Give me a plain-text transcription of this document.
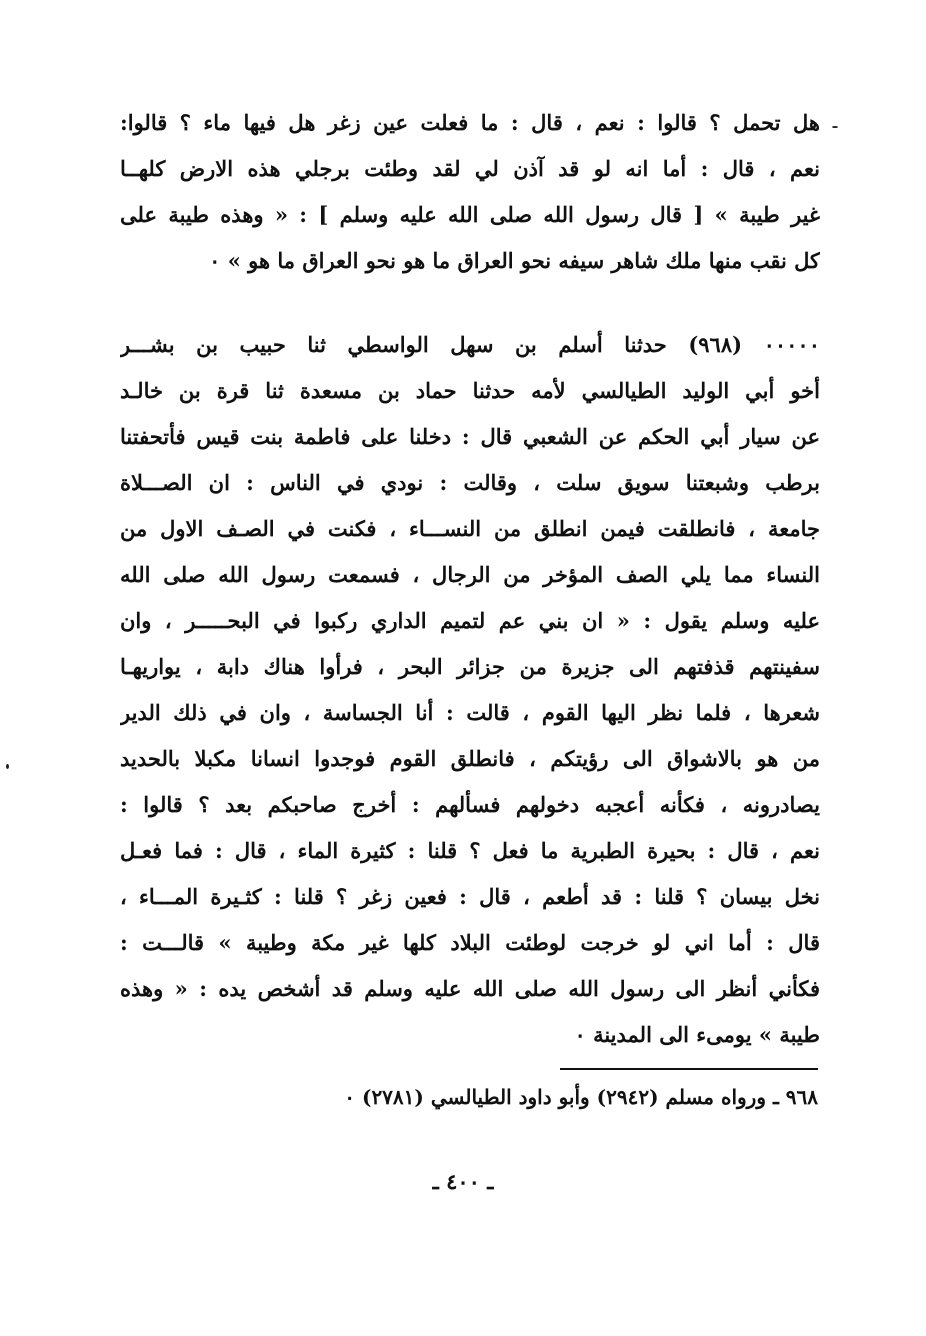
هل تحمل ؟ قالوا : نعم ، قال : ما فعلت عين زغر هل فيها ماء ؟ قالوا:
نعم ، قال : أما انه لو قد آذن لي لقد وطئت برجلي هذه الارض كلهــا
غير طيبة » [ قال رسول الله صلى الله عليه وسلم ] : « وهذه طيبة على
كل نقب منها ملك شاهر سيفه نحو العراق ما هو نحو العراق ما هو » ٠
٠٠٠٠٠ (٩٦٨) حدثنا أسلم بن سهل الواسطي ثنا حبيب بن بشـــر
أخو أبي الوليد الطيالسي لأمه حدثنا حماد بن مسعدة ثنا قرة بن خالـد
عن سيار أبي الحكم عن الشعبي قال : دخلنا على فاطمة بنت قيس فأتحفتنا
برطب وشبعتنا سويق سلت ، وقالت : نودي في الناس : ان الصـــلاة
جامعة ، فانطلقت فيمن انطلق من النســـاء ، فكنت في الصـف الاول من
النساء مما يلي الصف المؤخر من الرجال ، فسمعت رسول الله صلى الله
عليه وسلم يقول : « ان بني عم لتميم الداري ركبوا في البحـــــر ، وان
سفينتهم قذفتهم الى جزيرة من جزائر البحر ، فرأوا هناك دابة ، يواريهـا
شعرها ، فلما نظر اليها القوم ، قالت : أنا الجساسة ، وان في ذلك الدير
من هو بالاشواق الى رؤيتكم ، فانطلق القوم فوجدوا انسانا مكبلا بالحديد
يصادرونه ، فكأنه أعجبه دخولهم فسألهم : أخرج صاحبكم بعد ؟ قالوا :
نعم ، قال : بحيرة الطبرية ما فعل ؟ قلنا : كثيرة الماء ، قال : فما فعـل
نخل بيسان ؟ قلنا : قد أطعم ، قال : فعين زغر ؟ قلنا : كثـيرة المـــاء ،
قال : أما اني لو خرجت لوطئت البلاد كلها غير مكة وطيبة » قالـــت :
فكأني أنظر الى رسول الله صلى الله عليه وسلم قد أشخص يده : « وهذه
طيبة » يومىء الى المدينة ٠
٩٦٨ ـ ورواه مسلم (٢٩٤٢) وأبو داود الطيالسي (٢٧٨١) ٠
ـ ٤٠٠ ـ
